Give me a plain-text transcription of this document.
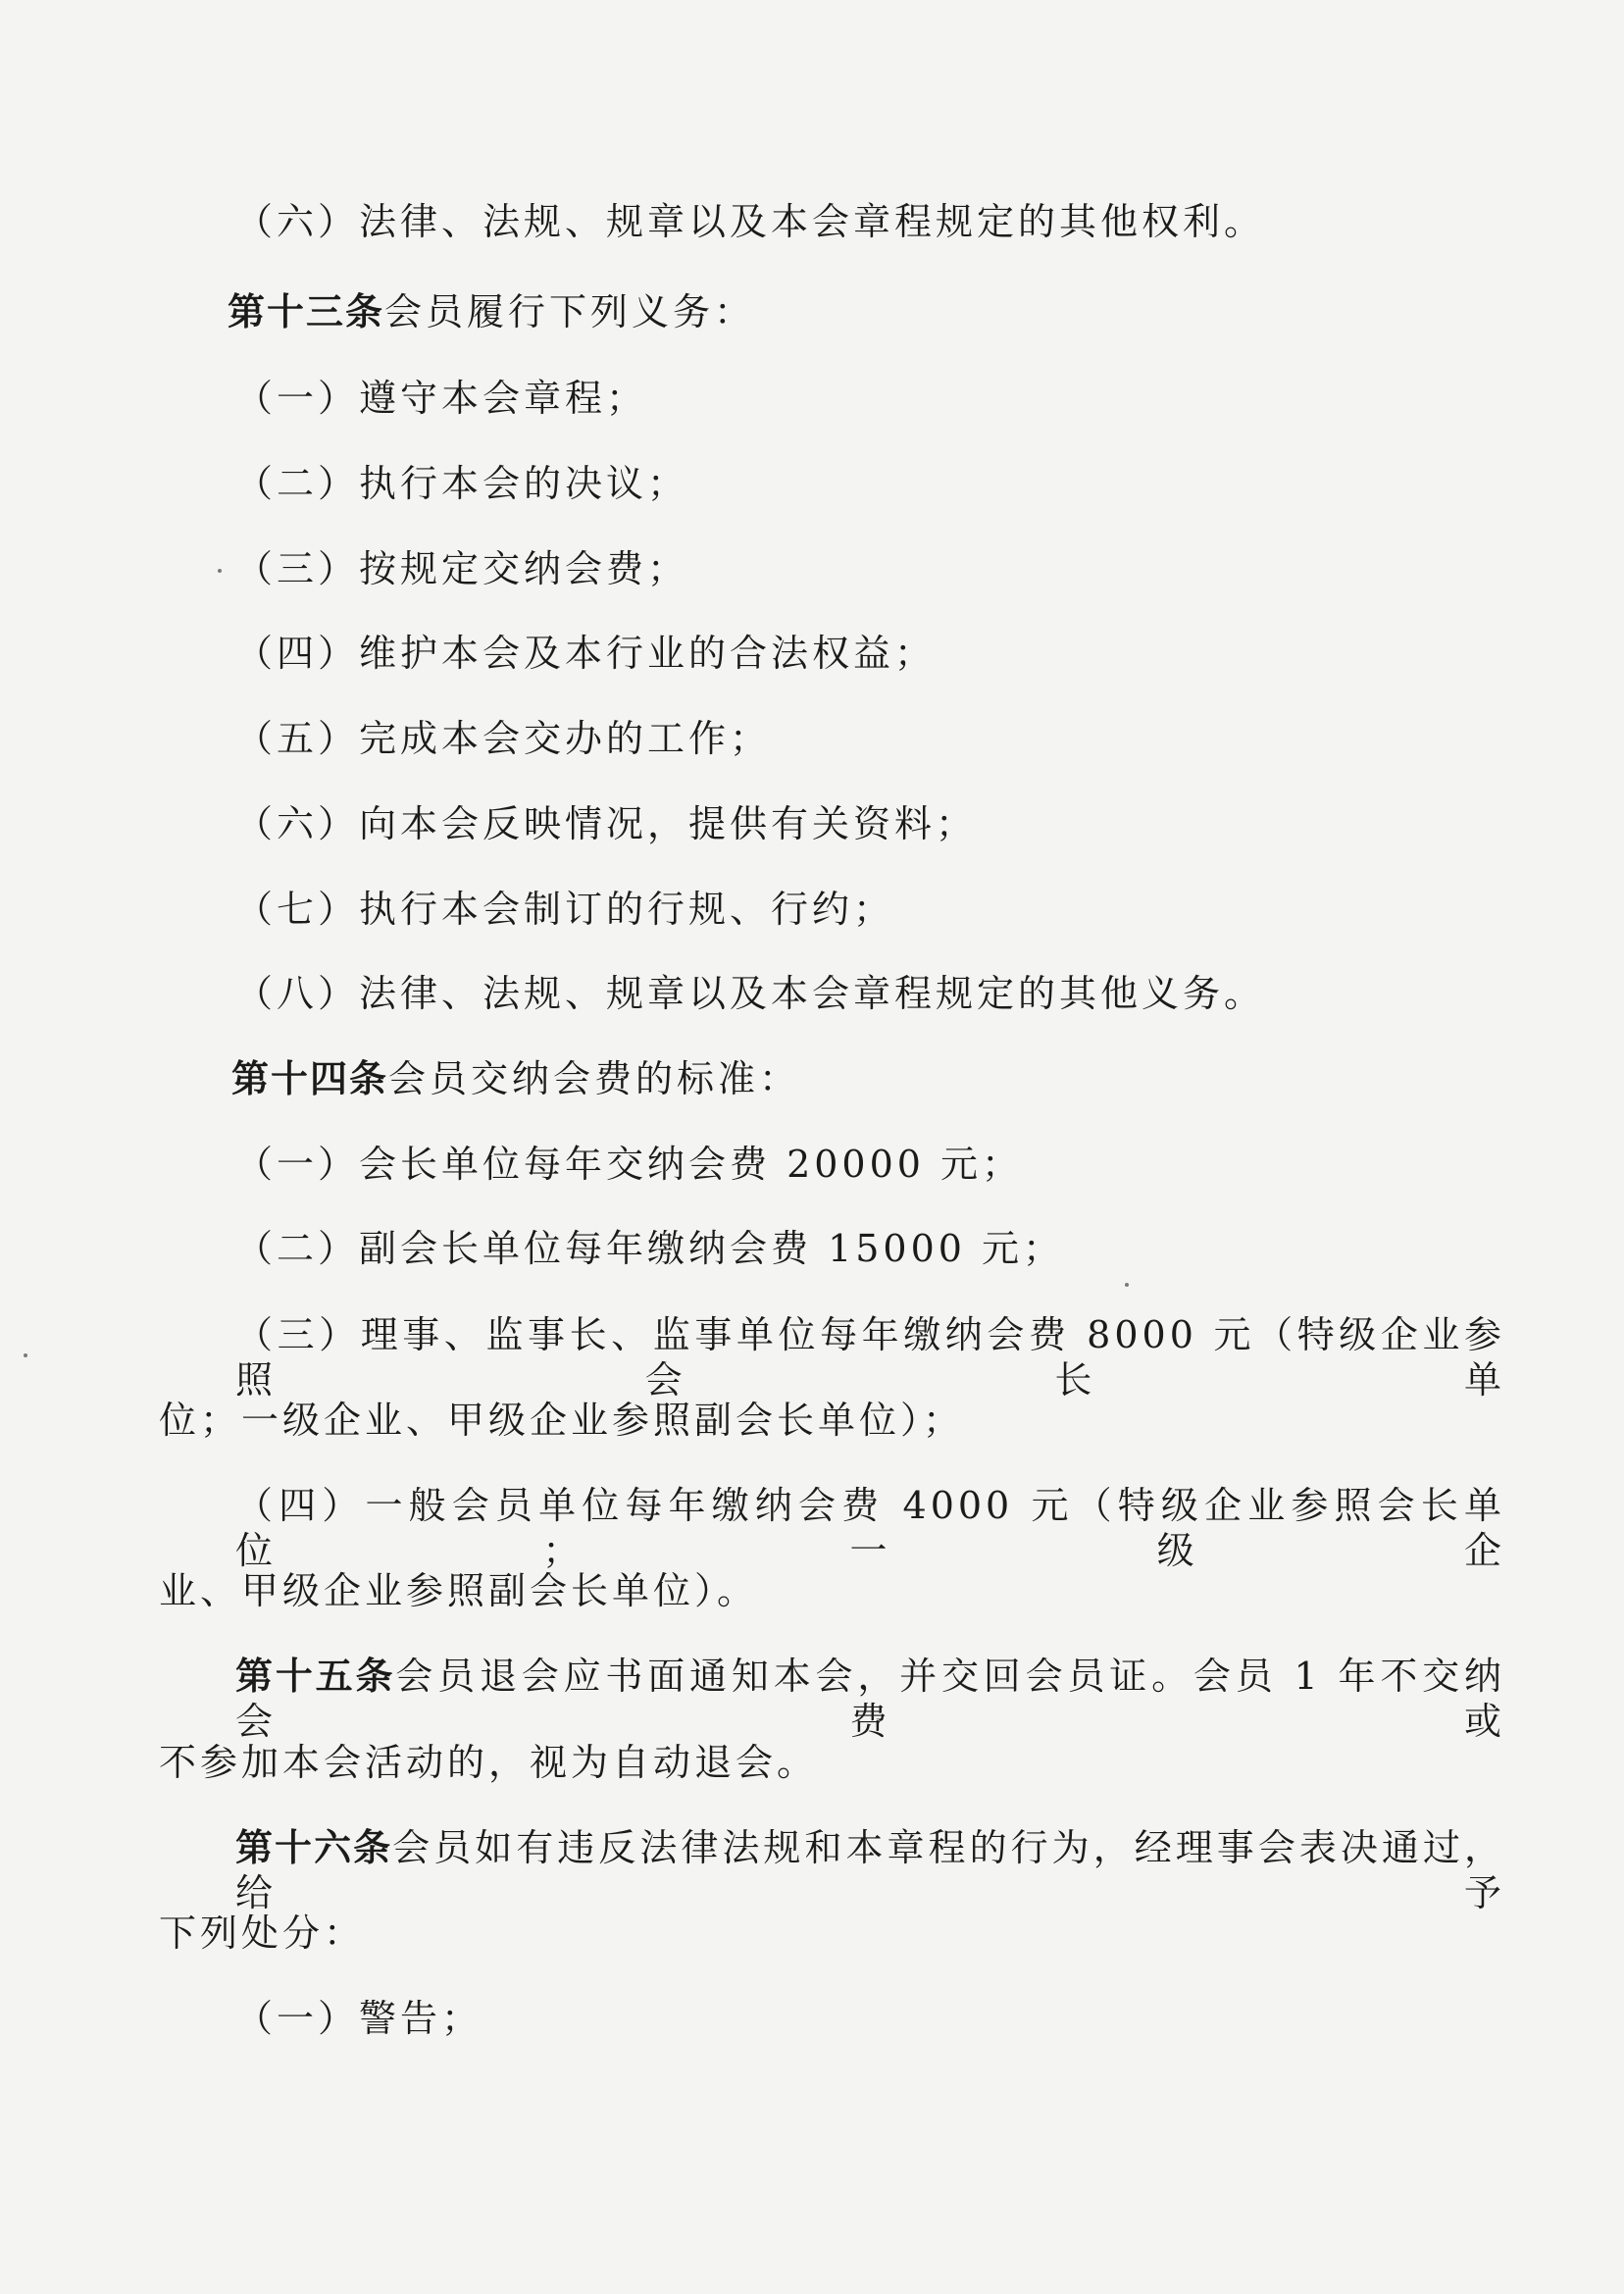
（六）法律、法规、规章以及本会章程规定的其他权利。
第十三条会员履行下列义务：
（一）遵守本会章程；
（二）执行本会的决议；
（三）按规定交纳会费；
（四）维护本会及本行业的合法权益；
（五）完成本会交办的工作；
（六）向本会反映情况，提供有关资料；
（七）执行本会制订的行规、行约；
（八）法律、法规、规章以及本会章程规定的其他义务。
第十四条会员交纳会费的标准：
（一）会长单位每年交纳会费 20000 元；
（二）副会长单位每年缴纳会费 15000 元；
（三）理事、监事长、监事单位每年缴纳会费 8000 元（特级企业参照会长单
位；一级企业、甲级企业参照副会长单位）；
（四）一般会员单位每年缴纳会费 4000 元（特级企业参照会长单位；一级企
业、甲级企业参照副会长单位）。
第十五条会员退会应书面通知本会，并交回会员证。会员 1 年不交纳会费或
不参加本会活动的，视为自动退会。
第十六条会员如有违反法律法规和本章程的行为，经理事会表决通过，给予
下列处分：
（一）警告；
